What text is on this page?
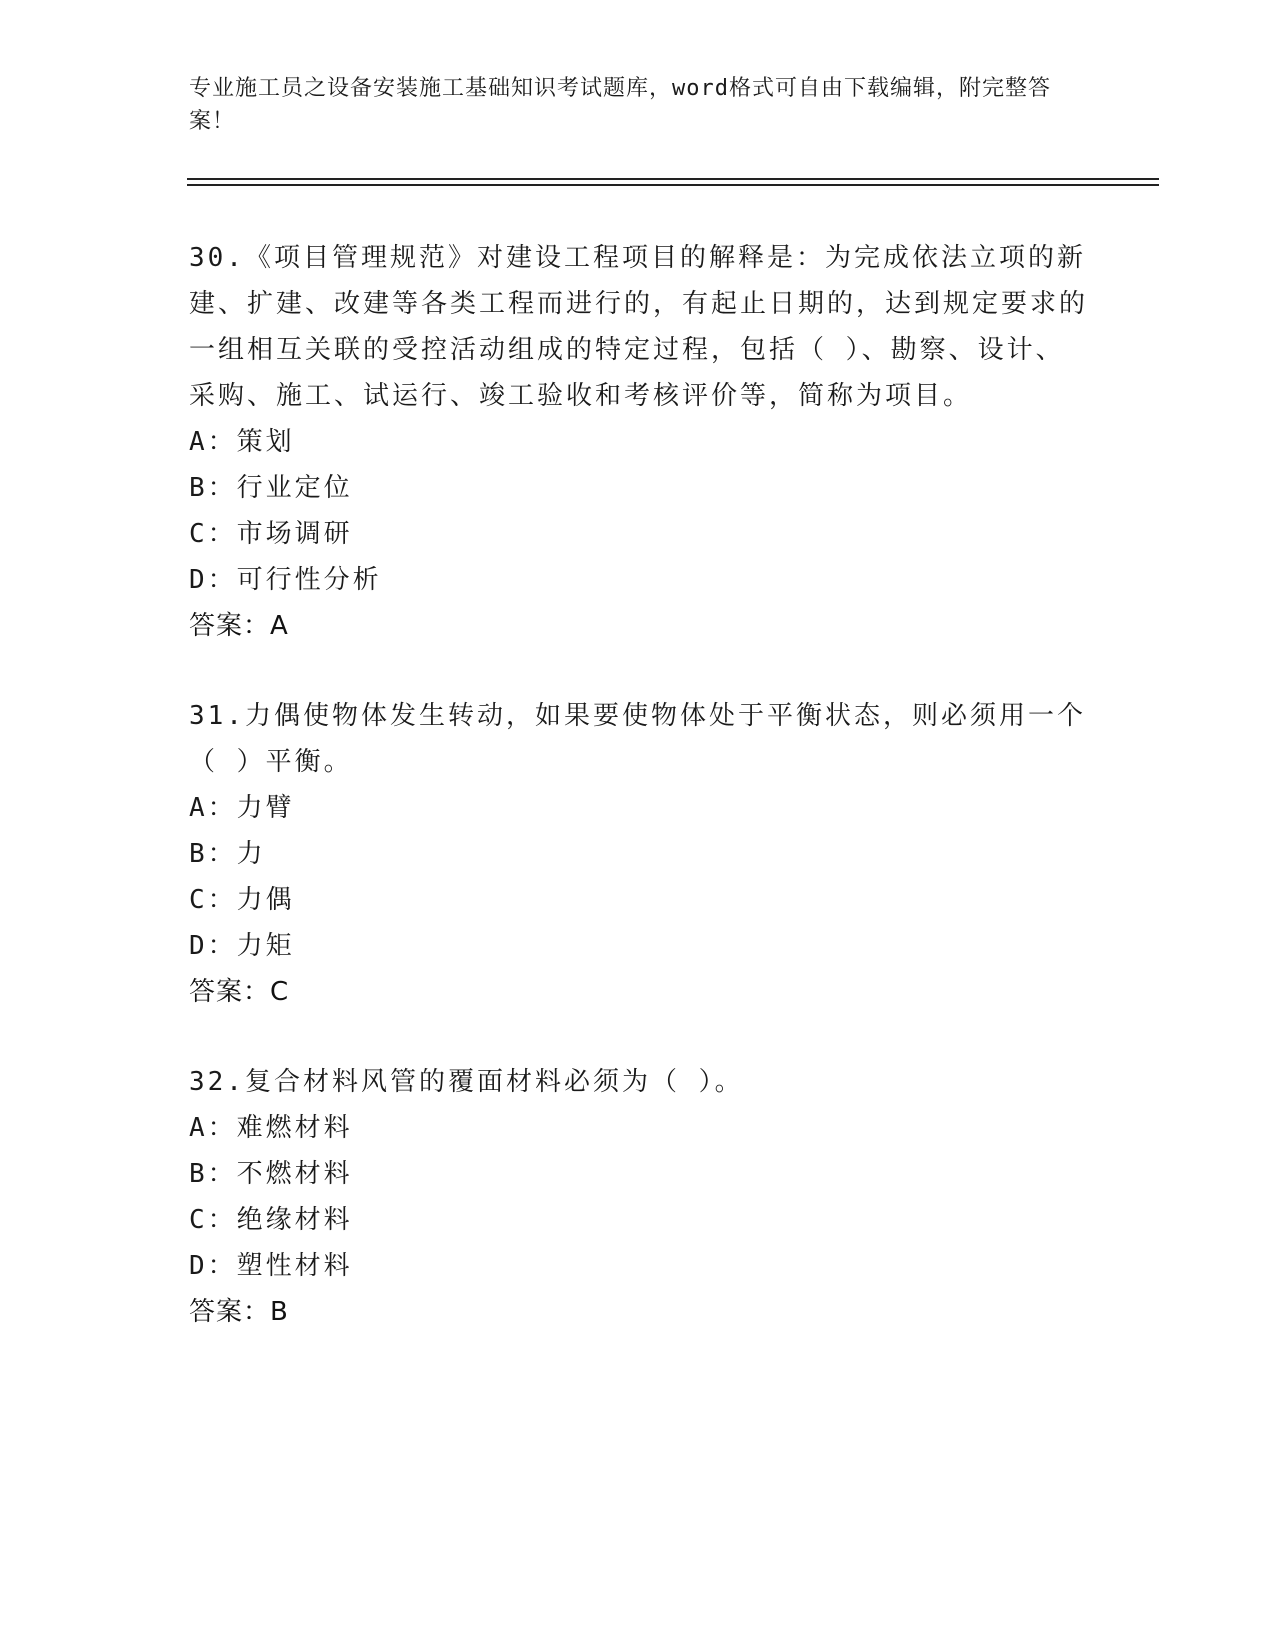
专业施工员之设备安装施工基础知识考试题库，word格式可自由下载编辑，附完整答案！

30.《项目管理规范》对建设工程项目的解释是：为完成依法立项的新建、扩建、改建等各类工程而进行的，有起止日期的，达到规定要求的一组相互关联的受控活动组成的特定过程，包括（ ）、勘察、设计、采购、施工、试运行、竣工验收和考核评价等，简称为项目。

A：策划
B：行业定位
C：市场调研
D：可行性分析
答案：A

31.力偶使物体发生转动，如果要使物体处于平衡状态，则必须用一个（ ）平衡。

A：力臂
B：力
C：力偶
D：力矩
答案：C

32.复合材料风管的覆面材料必须为（ ）。

A：难燃材料
B：不燃材料
C：绝缘材料
D：塑性材料
答案：B
